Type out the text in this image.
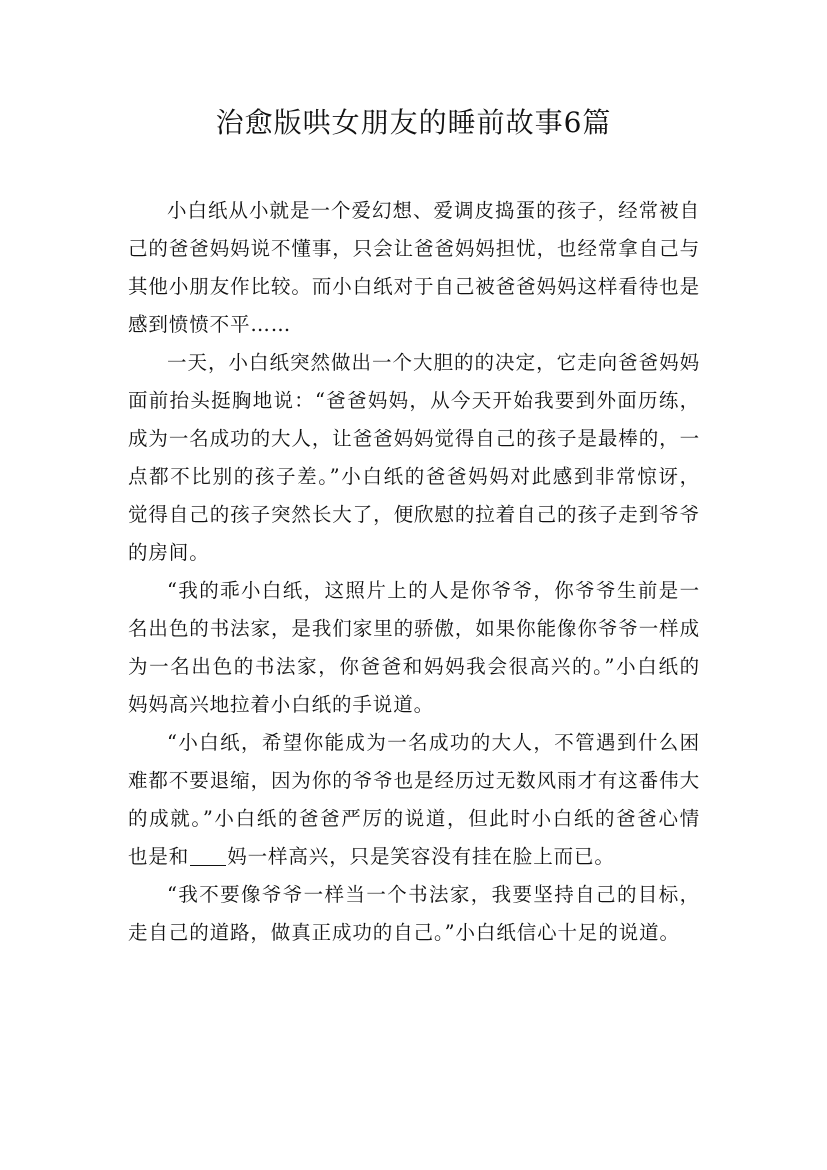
治愈版哄女朋友的睡前故事6篇

小白纸从小就是一个爱幻想、爱调皮捣蛋的孩子，经常被自己的爸爸妈妈说不懂事，只会让爸爸妈妈担忧，也经常拿自己与其他小朋友作比较。而小白纸对于自己被爸爸妈妈这样看待也是感到愤愤不平……

一天，小白纸突然做出一个大胆的的决定，它走向爸爸妈妈面前抬头挺胸地说：“爸爸妈妈，从今天开始我要到外面历练，成为一名成功的大人，让爸爸妈妈觉得自己的孩子是最棒的，一点都不比别的孩子差。”小白纸的爸爸妈妈对此感到非常惊讶，觉得自己的孩子突然长大了，便欣慰的拉着自己的孩子走到爷爷的房间。

“我的乖小白纸，这照片上的人是你爷爷，你爷爷生前是一名出色的书法家，是我们家里的骄傲，如果你能像你爷爷一样成为一名出色的书法家，你爸爸和妈妈我会很高兴的。”小白纸的妈妈高兴地拉着小白纸的手说道。

“小白纸，希望你能成为一名成功的大人，不管遇到什么困难都不要退缩，因为你的爷爷也是经历过无数风雨才有这番伟大的成就。”小白纸的爸爸严厉的说道，但此时小白纸的爸爸心情也是和 妈一样高兴，只是笑容没有挂在脸上而已。

“我不要像爷爷一样当一个书法家，我要坚持自己的目标，走自己的道路，做真正成功的自己。”小白纸信心十足的说道。
